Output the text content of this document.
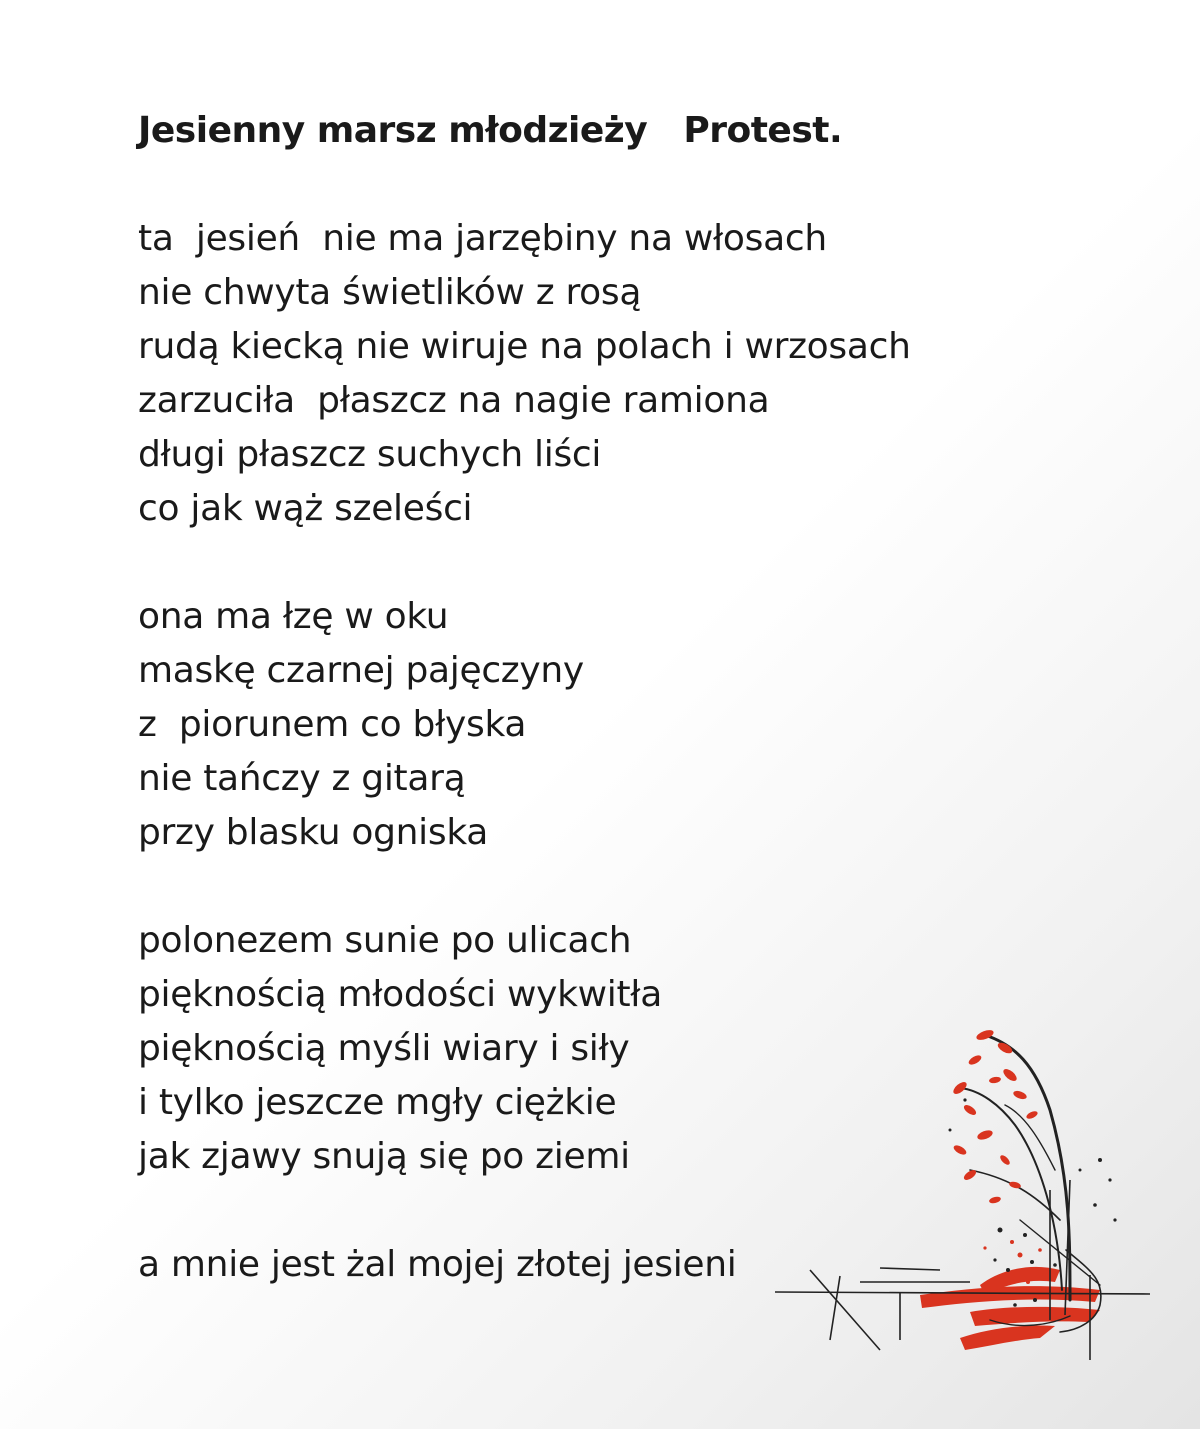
Jesienny marsz młodzieży   Protest.
ta  jesień  nie ma jarzębiny na włosach
nie chwyta świetlików z rosą
rudą kiecką nie wiruje na polach i wrzosach
zarzuciła  płaszcz na nagie ramiona
długi płaszcz suchych liści
co jak wąż szeleści
ona ma łzę w oku
maskę czarnej pajęczyny
z  piorunem co błyska
nie tańczy z gitarą
przy blasku ogniska
polonezem sunie po ulicach
pięknością młodości wykwitła
pięknością myśli wiary i siły
i tylko jeszcze mgły ciężkie
jak zjawy snują się po ziemi
a mnie jest żal mojej złotej jesieni
